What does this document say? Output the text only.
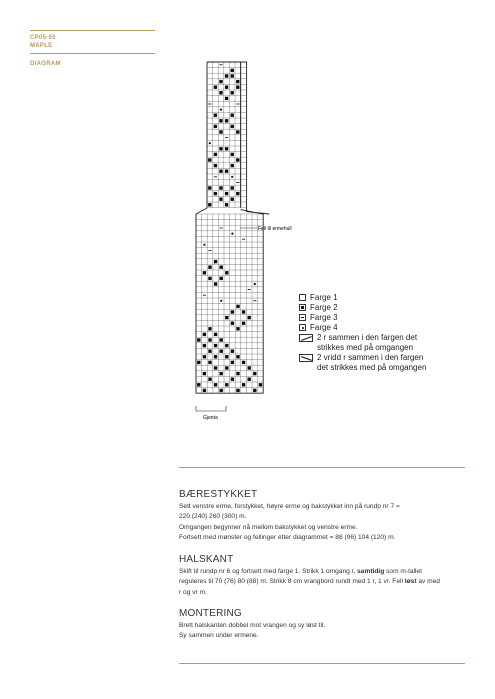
CP05-05
MAPLE
DIAGRAM
Fell til ermehull
Gjenta
Farge 1
Farge 2
Farge 3
Farge 4
2 r sammen i den fargen det
strikkes med på omgangen
2 vridd r sammen i den fargen
det strikkes med på omgangen
BÆRESTYKKET

Sett venstre erme, forstykket, høyre erme og bakstykket inn på rundp nr 7 =

220 (240) 260 (300) m.

Omgangen begynner nå mellom bakstykket og venstre erme.

Fortsett med mønster og fellinger etter diagrammet = 88 (96) 104 (120) m.

HALSKANT

Skift til rundp nr 6 og fortsett med farge 1. Strikk 1 omgang r, samtidig som m-tallet

reguleres til 70 (76) 80 (88) m. Strikk 8 cm vrangbord rundt med 1 r, 1 vr. Fell løst av med

r og vr m.

MONTERING

Brett halskanten dobbel mot vrangen og sy løst til.

Sy sammen under ermene.
